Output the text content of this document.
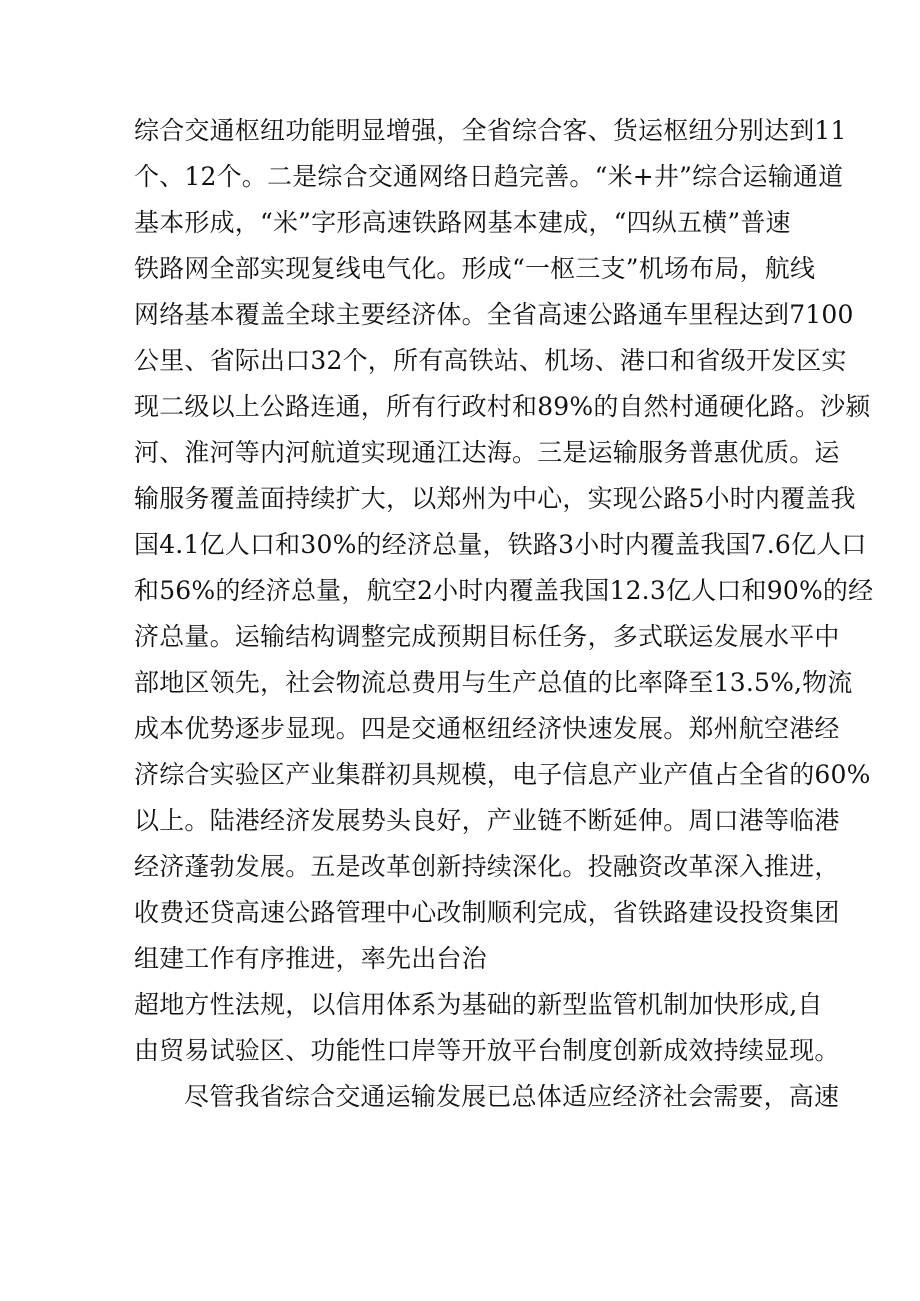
综合交通枢纽功能明显增强，全省综合客、货运枢纽分别达到11
个、12个。二是综合交通网络日趋完善。“米+井”综合运输通道
基本形成，“米”字形高速铁路网基本建成，“四纵五横”普速
铁路网全部实现复线电气化。形成“一枢三支”机场布局，航线
网络基本覆盖全球主要经济体。全省高速公路通车里程达到7100
公里、省际出口32个，所有高铁站、机场、港口和省级开发区实
现二级以上公路连通，所有行政村和89%的自然村通硬化路。沙颍
河、淮河等内河航道实现通江达海。三是运输服务普惠优质。运
输服务覆盖面持续扩大，以郑州为中心，实现公路5小时内覆盖我
国4.1亿人口和30%的经济总量，铁路3小时内覆盖我国7.6亿人口
和56%的经济总量，航空2小时内覆盖我国12.3亿人口和90%的经
济总量。运输结构调整完成预期目标任务，多式联运发展水平中
部地区领先，社会物流总费用与生产总值的比率降至13.5%,物流
成本优势逐步显现。四是交通枢纽经济快速发展。郑州航空港经
济综合实验区产业集群初具规模，电子信息产业产值占全省的60%
以上。陆港经济发展势头良好，产业链不断延伸。周口港等临港
经济蓬勃发展。五是改革创新持续深化。投融资改革深入推进，
收费还贷高速公路管理中心改制顺利完成，省铁路建设投资集团
组建工作有序推进，率先出台治
超地方性法规，以信用体系为基础的新型监管机制加快形成,自
由贸易试验区、功能性口岸等开放平台制度创新成效持续显现。
尽管我省综合交通运输发展已总体适应经济社会需要，高速
